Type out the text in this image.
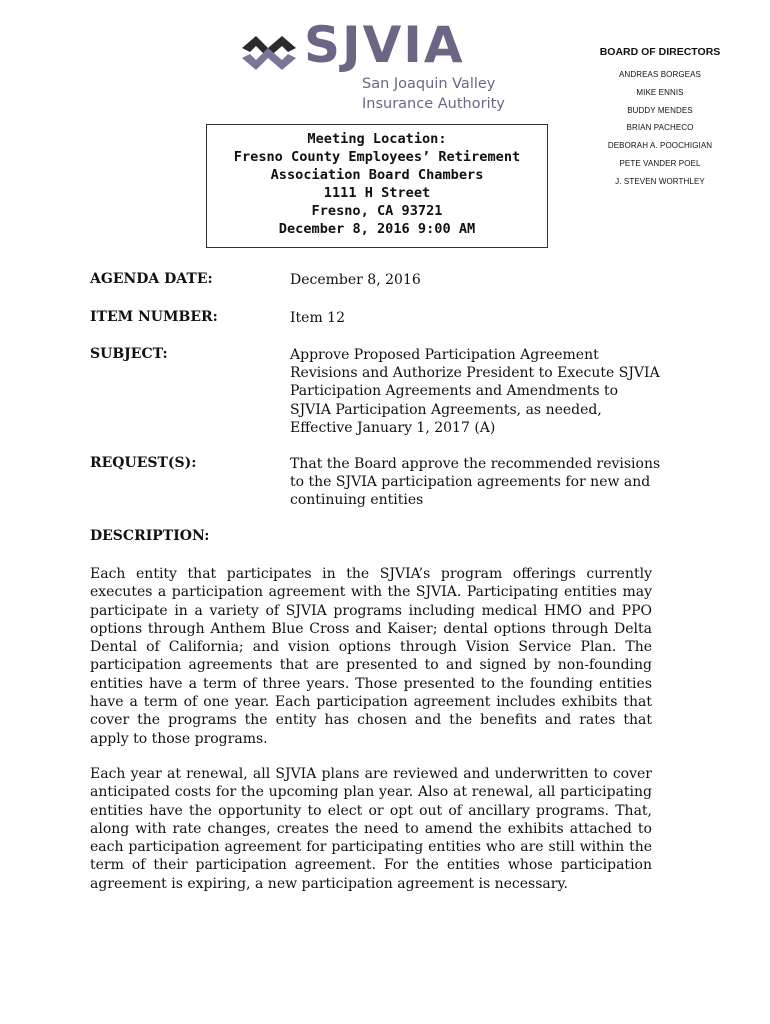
SJVIA
San Joaquin Valley
Insurance Authority
BOARD OF DIRECTORS
ANDREAS BORGEAS
MIKE ENNIS
BUDDY MENDES
BRIAN PACHECO
DEBORAH A. POOCHIGIAN
PETE VANDER POEL
J. STEVEN WORTHLEY
Meeting Location:
Fresno County Employees’ Retirement
Association Board Chambers
1111 H Street
Fresno, CA 93721
December 8, 2016 9:00 AM
AGENDA DATE:	December 8, 2016
ITEM NUMBER:	Item 12
SUBJECT:	Approve Proposed Participation Agreement Revisions and Authorize President to Execute SJVIA Participation Agreements and Amendments to SJVIA Participation Agreements, as needed, Effective January 1, 2017 (A)
REQUEST(S):	That the Board approve the recommended revisions to the SJVIA participation agreements for new and continuing entities
DESCRIPTION:
Each entity that participates in the SJVIA’s program offerings currently executes a participation agreement with the SJVIA. Participating entities may participate in a variety of SJVIA programs including medical HMO and PPO options through Anthem Blue Cross and Kaiser; dental options through Delta Dental of California; and vision options through Vision Service Plan. The participation agreements that are presented to and signed by non-founding entities have a term of three years. Those presented to the founding entities have a term of one year. Each participation agreement includes exhibits that cover the programs the entity has chosen and the benefits and rates that apply to those programs.
Each year at renewal, all SJVIA plans are reviewed and underwritten to cover anticipated costs for the upcoming plan year. Also at renewal, all participating entities have the opportunity to elect or opt out of ancillary programs. That, along with rate changes, creates the need to amend the exhibits attached to each participation agreement for participating entities who are still within the term of their participation agreement. For the entities whose participation agreement is expiring, a new participation agreement is necessary.
